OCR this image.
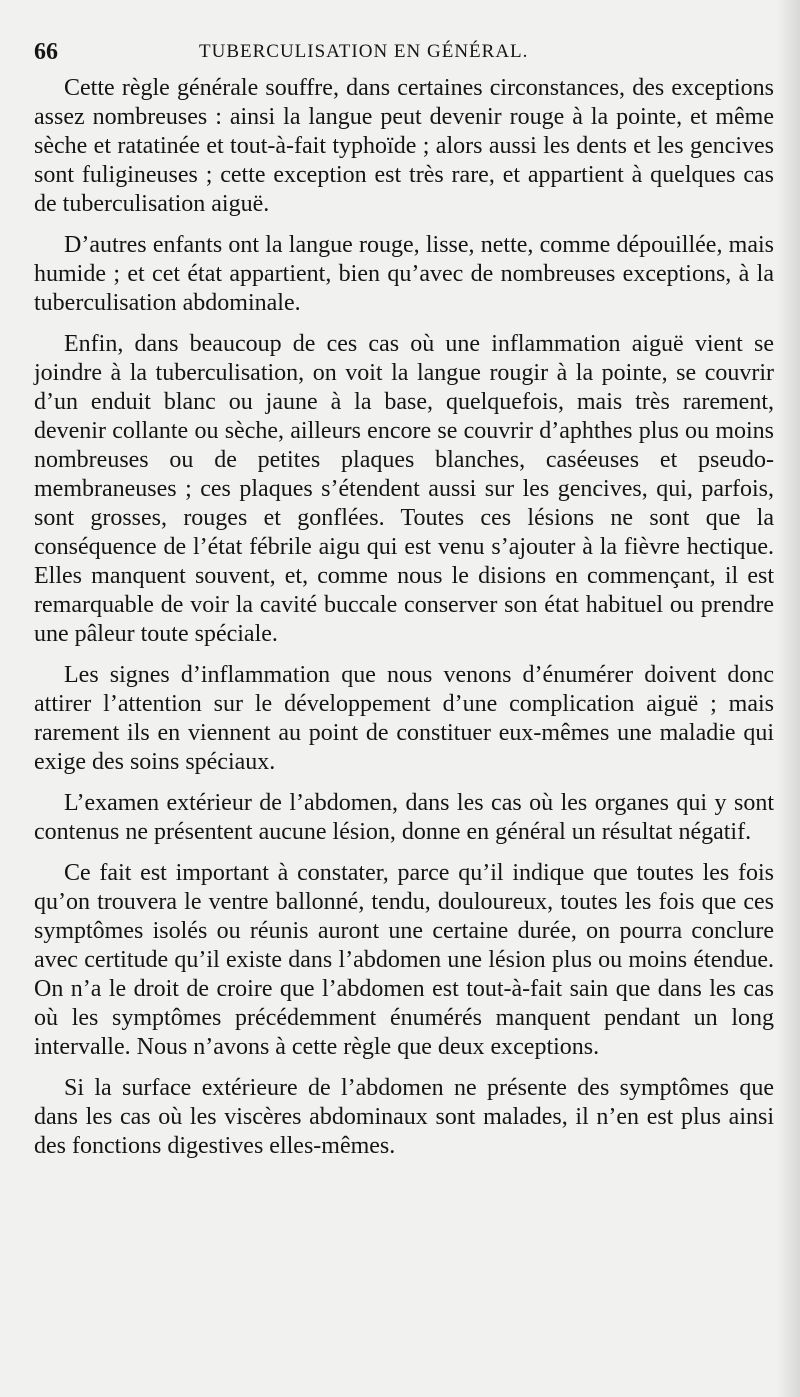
66	TUBERCULISATION EN GÉNÉRAL.

Cette règle générale souffre, dans certaines circonstances, des exceptions assez nombreuses : ainsi la langue peut devenir rouge à la pointe, et même sèche et ratatinée et tout-à-fait typhoïde ; alors aussi les dents et les gencives sont fuligineuses ; cette exception est très rare, et appartient à quelques cas de tuberculisation aiguë.

D’autres enfants ont la langue rouge, lisse, nette, comme dépouillée, mais humide ; et cet état appartient, bien qu’avec de nombreuses exceptions, à la tuberculisation abdominale.

Enfin, dans beaucoup de ces cas où une inflammation aiguë vient se joindre à la tuberculisation, on voit la langue rougir à la pointe, se couvrir d’un enduit blanc ou jaune à la base, quelquefois, mais très rarement, devenir collante ou sèche, ailleurs encore se couvrir d’aphthes plus ou moins nombreuses ou de petites plaques blanches, caséeuses et pseudo-membraneuses ; ces plaques s’étendent aussi sur les gencives, qui, parfois, sont grosses, rouges et gonflées. Toutes ces lésions ne sont que la conséquence de l’état fébrile aigu qui est venu s’ajouter à la fièvre hectique. Elles manquent souvent, et, comme nous le disions en commençant, il est remarquable de voir la cavité buccale conserver son état habituel ou prendre une pâleur toute spéciale.

Les signes d’inflammation que nous venons d’énumérer doivent donc attirer l’attention sur le développement d’une complication aiguë ; mais rarement ils en viennent au point de constituer eux-mêmes une maladie qui exige des soins spéciaux.

L’examen extérieur de l’abdomen, dans les cas où les organes qui y sont contenus ne présentent aucune lésion, donne en général un résultat négatif.

Ce fait est important à constater, parce qu’il indique que toutes les fois qu’on trouvera le ventre ballonné, tendu, douloureux, toutes les fois que ces symptômes isolés ou réunis auront une certaine durée, on pourra conclure avec certitude qu’il existe dans l’abdomen une lésion plus ou moins étendue. On n’a le droit de croire que l’abdomen est tout-à-fait sain que dans les cas où les symptômes précédemment énumérés manquent pendant un long intervalle. Nous n’avons à cette règle que deux exceptions.

Si la surface extérieure de l’abdomen ne présente des symptômes que dans les cas où les viscères abdominaux sont malades, il n’en est plus ainsi des fonctions digestives elles-mêmes.
